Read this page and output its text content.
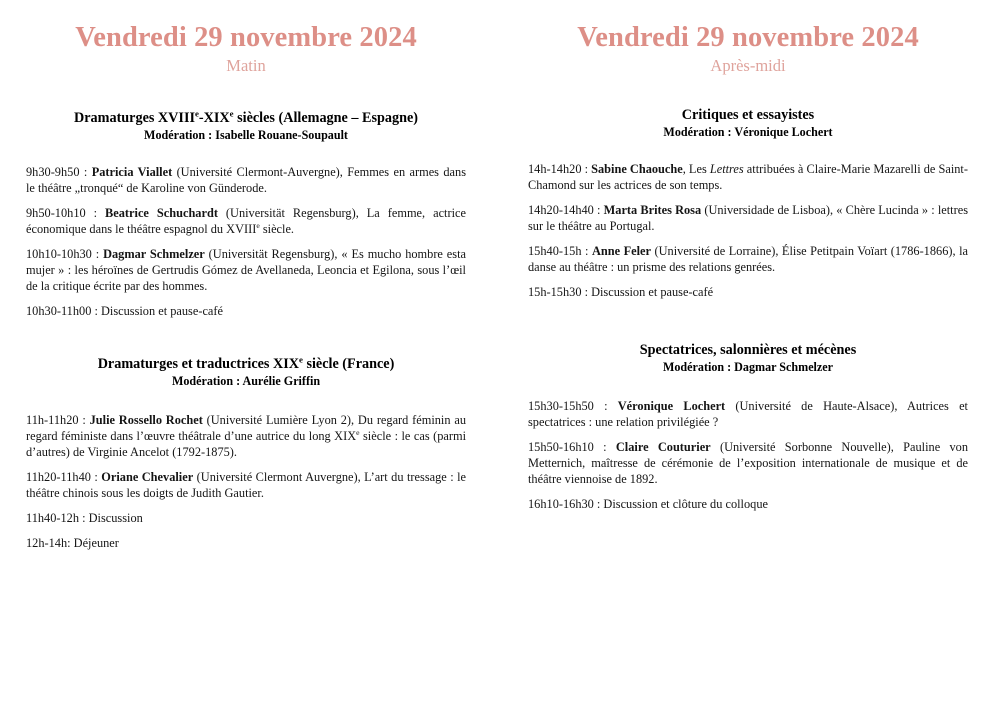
Vendredi 29 novembre 2024
Matin
Dramaturges XVIIIe-XIXe siècles (Allemagne – Espagne)
Modération : Isabelle Rouane-Soupault

9h30-9h50 : Patricia Viallet (Université Clermont-Auvergne), Femmes en armes dans le théâtre „tronqué“ de Karoline von Günderode.

9h50-10h10 : Beatrice Schuchardt (Universität Regensburg), La femme, actrice économique dans le théâtre espagnol du XVIIIe siècle.

10h10-10h30 : Dagmar Schmelzer (Universität Regensburg), « Es mucho hombre esta mujer » : les héroïnes de Gertrudis Gómez de Avellaneda, Leoncia et Egilona, sous l’œil de la critique écrite par des hommes.

10h30-11h00 : Discussion et pause-café

Dramaturges et traductrices XIXe siècle (France)
Modération : Aurélie Griffin

11h-11h20 : Julie Rossello Rochet (Université Lumière Lyon 2), Du regard féminin au regard féministe dans l’œuvre théâtrale d’une autrice du long XIXe siècle : le cas (parmi d’autres) de Virginie Ancelot (1792-1875).

11h20-11h40 : Oriane Chevalier (Université Clermont Auvergne), L’art du tressage : le théâtre chinois sous les doigts de Judith Gautier.

11h40-12h : Discussion

12h-14h: Déjeuner

Vendredi 29 novembre 2024
Après-midi
Critiques et essayistes
Modération : Véronique Lochert

14h-14h20 : Sabine Chaouche, Les Lettres attribuées à Claire-Marie Mazarelli de Saint-Chamond sur les actrices de son temps.

14h20-14h40 : Marta Brites Rosa (Universidade de Lisboa), « Chère Lucinda » : lettres sur le théâtre au Portugal.

15h40-15h : Anne Feler (Université de Lorraine), Élise Petitpain Voïart (1786-1866), la danse au théâtre : un prisme des relations genrées.

15h-15h30 : Discussion et pause-café

Spectatrices, salonnières et mécènes
Modération : Dagmar Schmelzer

15h30-15h50 : Véronique Lochert (Université de Haute-Alsace), Autrices et spectatrices : une relation privilégiée ?

15h50-16h10 : Claire Couturier (Université Sorbonne Nouvelle), Pauline von Metternich, maîtresse de cérémonie de l’exposition internationale de musique et de théâtre viennoise de 1892.

16h10-16h30 : Discussion et clôture du colloque
